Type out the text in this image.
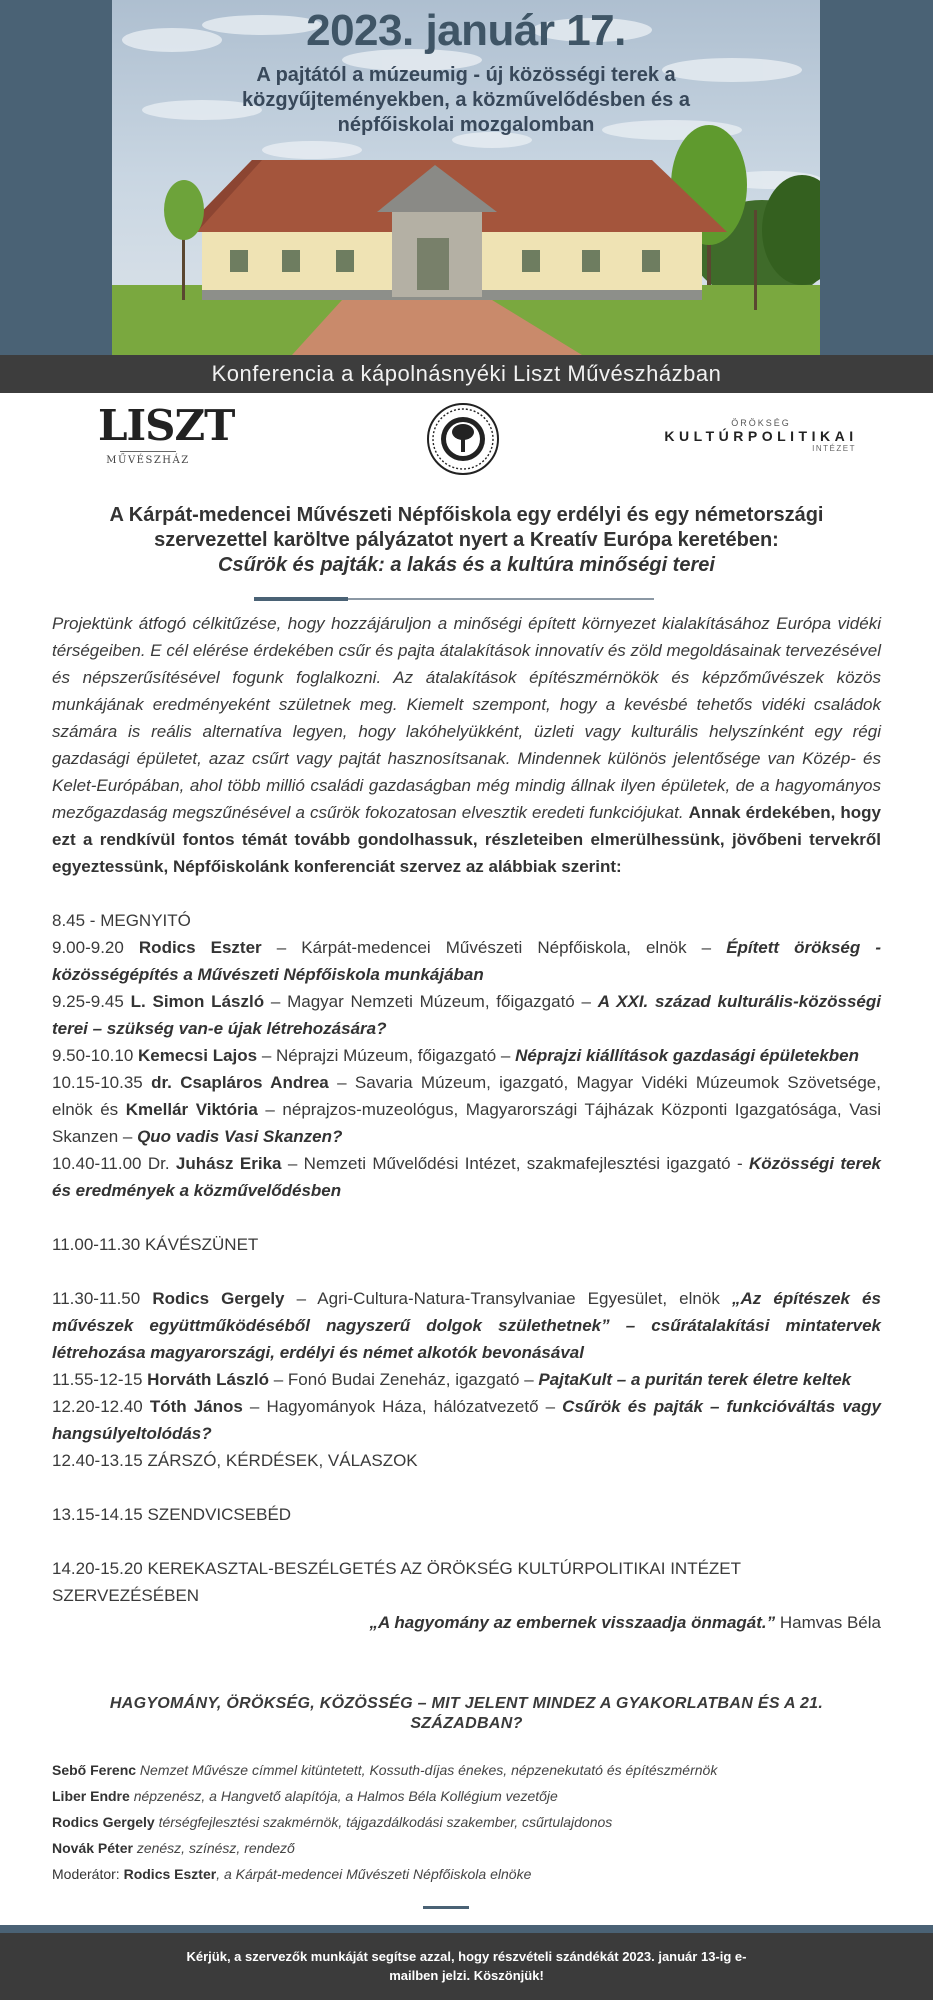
2023. január 17.
A pajtától a múzeumig - új közösségi terek a közgyűjteményekben, a közművelődésben és a népfőiskolai mozgalomban
Konferencia a kápolnásnyéki Liszt Művészházban
LISZT
MŰVÉSZHÁZ
ÖRÖKSÉG
KULTÚRPOLITIKAI
INTÉZET
A Kárpát-medencei Művészeti Népfőiskola egy erdélyi és egy németországi szervezettel karöltve pályázatot nyert a Kreatív Európa keretében:
Csűrök és pajták: a lakás és a kultúra minőségi terei

Projektünk átfogó célkitűzése, hogy hozzájáruljon a minőségi épített környezet kialakításához Európa vidéki térségeiben. E cél elérése érdekében csűr és pajta átalakítások innovatív és zöld megoldásainak tervezésével és népszerűsítésével fogunk foglalkozni. Az átalakítások építészmérnökök és képzőművészek közös munkájának eredményeként születnek meg. Kiemelt szempont, hogy a kevésbé tehetős vidéki családok számára is reális alternatíva legyen, hogy lakóhelyükként, üzleti vagy kulturális helyszínként egy régi gazdasági épületet, azaz csűrt vagy pajtát hasznosítsanak. Mindennek különös jelentősége van Közép- és Kelet-Európában, ahol több millió családi gazdaságban még mindig állnak ilyen épületek, de a hagyományos mezőgazdaság megszűnésével a csűrök fokozatosan elvesztik eredeti funkciójukat. Annak érdekében, hogy ezt a rendkívül fontos témát tovább gondolhassuk, részleteiben elmerülhessünk, jövőbeni tervekről egyeztessünk, Népfőiskolánk konferenciát szervez az alábbiak szerint:

8.45 - MEGNYITÓ

9.00-9.20 Rodics Eszter – Kárpát-medencei Művészeti Népfőiskola, elnök – Épített örökség - közösségépítés a Művészeti Népfőiskola munkájában

9.25-9.45 L. Simon László – Magyar Nemzeti Múzeum, főigazgató – A XXI. század kulturális-közösségi terei – szükség van-e újak létrehozására?

9.50-10.10 Kemecsi Lajos – Néprajzi Múzeum, főigazgató – Néprajzi kiállítások gazdasági épületekben

10.15-10.35 dr. Csapláros Andrea – Savaria Múzeum, igazgató, Magyar Vidéki Múzeumok Szövetsége, elnök és Kmellár Viktória – néprajzos-muzeológus, Magyarországi Tájházak Központi Igazgatósága, Vasi Skanzen – Quo vadis Vasi Skanzen?

10.40-11.00 Dr. Juhász Erika – Nemzeti Művelődési Intézet, szakmafejlesztési igazgató - Közösségi terek és eredmények a közművelődésben

11.00-11.30 KÁVÉSZÜNET

11.30-11.50 Rodics Gergely – Agri-Cultura-Natura-Transylvaniae Egyesület, elnök „Az építészek és művészek együttműködéséből nagyszerű dolgok születhetnek” – csűrátalakítási mintatervek létrehozása magyarországi, erdélyi és német alkotók bevonásával

11.55-12-15 Horváth László – Fonó Budai Zeneház, igazgató – PajtaKult – a puritán terek életre keltek

12.20-12.40 Tóth János – Hagyományok Háza, hálózatvezető – Csűrök és pajták – funkcióváltás vagy hangsúlyeltolódás?

12.40-13.15 ZÁRSZÓ, KÉRDÉSEK, VÁLASZOK

13.15-14.15 SZENDVICSEBÉD

14.20-15.20 KEREKASZTAL-BESZÉLGETÉS AZ ÖRÖKSÉG KULTÚRPOLITIKAI INTÉZET SZERVEZÉSÉBEN

„A hagyomány az embernek visszaadja önmagát.” Hamvas Béla

HAGYOMÁNY, ÖRÖKSÉG, KÖZÖSSÉG – MIT JELENT MINDEZ A GYAKORLATBAN ÉS A 21. SZÁZADBAN?
Sebő Ferenc Nemzet Művésze címmel kitüntetett, Kossuth-díjas énekes, népzenekutató és építészmérnök
Liber Endre népzenész, a Hangvető alapítója, a Halmos Béla Kollégium vezetője
Rodics Gergely térségfejlesztési szakmérnök, tájgazdálkodási szakember, csűrtulajdonos
Novák Péter zenész, színész, rendező
Moderátor: Rodics Eszter, a Kárpát-medencei Művészeti Népfőiskola elnöke
Kérjük, a szervezők munkáját segítse azzal, hogy részvételi szándékát 2023. január 13-ig e-mailben jelzi. Köszönjük!
